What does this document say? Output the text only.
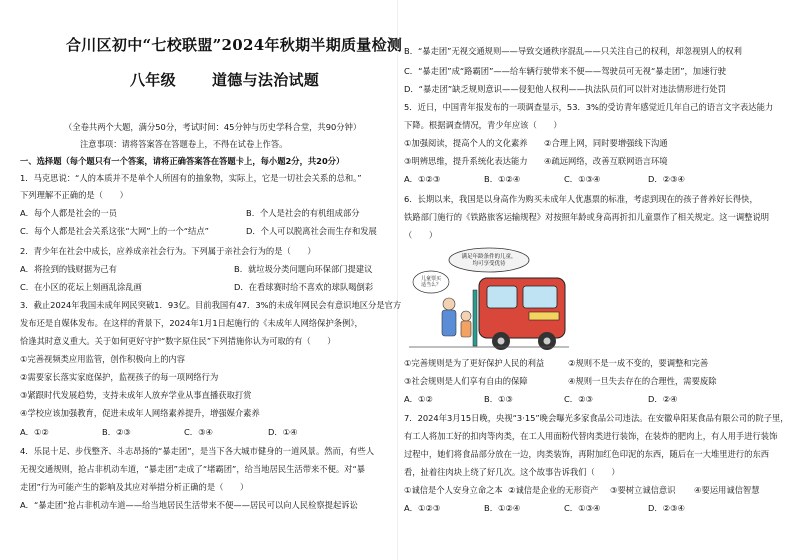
合川区初中“七校联盟”2024年秋期半期质量检测
八年级 道德与法治试题
（全卷共两个大题，满分50分，考试时间：45分钟与历史学科合堂，共90分钟）
注意事项：请将答案答在答题卷上，不得在试卷上作答。
一、选择题（每个题只有一个答案，请将正确答案答在答题卡上，每小题2分，共20分）
1．马克思说：“人的本质并不是单个人所固有的抽象物，实际上，它是一切社会关系的总和。”
下列理解不正确的是（　　）
A．每个人都是社会的一员	B．个人是社会的有机组成部分
C．每个人都是社会关系这张“大网”上的一个“结点”	D．个人可以脱离社会而生存和发展
2．青少年在社会中成长，应养成亲社会行为。下列属于亲社会行为的是（　　）
A．将捡到的钱财据为己有	B．就垃圾分类问题向环保部门提建议
C．在小区的花坛上刻画乱涂乱画	D．在看球赛时给不喜欢的球队喝倒彩
3．截止2024年我国未成年网民突破1．93亿。目前我国有47．3%的未成年网民会有意识地区分是官方
发布还是自媒体发布。在这样的背景下，2024年1月1日起施行的《未成年人网络保护条例》，
恰逢其时意义重大。关于如何更好守护“数字原住民”下列措施你认为可取的有（　　）
①完善视频类应用监管，创作积极向上的内容
②需要家长落实家庭保护，监视孩子的每一项网络行为
③紧跟时代发展趋势，支持未成年人放弃学业从事直播获取打赏
④学校应该加强教育，促进未成年人网络素养提升，增强媒介素养
A．①②	B．②③	C．③④	D．①④
4．乐昆十足、步伐整齐、斗志昂扬的“暴走团”，是当下各大城市健身的一道风景。然而，有些人
无视交通规则，抢占非机动车道，“暴走团”走成了“堵霸团”，给当地居民生活带来不便。对“暴
走团”行为可能产生的影响及其应对举措分析正确的是（　　）
A．“暴走团”抢占非机动车道——给当地居民生活带来不便——居民可以向人民检察提起诉讼
B．“暴走团”无视交通规则——导致交通秩序混乱——只关注自己的权利，却忽视别人的权利
C．“暴走团”成“路霸团”——给车辆行驶带来不便——驾驶员可无视“暴走团”，加速行驶
D．“暴走团”缺乏规则意识——侵犯他人权利——执法队员们可以针对违法情形进行处罚
5．近日，中国青年报发布的一项调查显示，53．3%的受访青年感觉近几年自己的语言文字表达能力
下降。根据调查情况，青少年应该（　　）
①加强阅读，提高个人的文化素养 ②合理上网，同时要增强线下沟通
③明辨思维，提升系统化表达能力 ④疏远网络，改善互联网语言环境
A．①②③	B．①②④	C．①③④	D．②③④
6．长期以来，我国是以身高作为购买未成年人优惠票的标准，考虑到现在的孩子普养好长得快，
铁路部门施行的《铁路旅客运输规程》对按照年龄或身高再折扣儿童票作了相关规定。这一调整说明
（　　）
满足年龄条件的儿童，
均可享受优待
儿童票买
适当么？
①完善规则是为了更好保护人民的利益	②规则不是一成不变的，要调整和完善
③社会规则是人们享有自由的保障	④规则一旦失去存在的合理性，需要废除
A．①②	B．①③	C．②③	D．②④
7．2024年3月15日晚，央视“3·15”晚会曝光多家食品公司违法。在安徽阜阳某食品有限公司的院子里，
有工人将加工好的扣肉等肉类，在工人用面粉代替肉类进行装饰，在装炸的肥肉上，有人用手进行装饰
过程中，她们将食品部分放在一边，肉类装饰，再附加红色印泥的东西，随后在一大堆里进行的东西
看，扯着往肉块上绕了好几次。这个故事告诉我们（　　）
①诚信是个人安身立命之本 ②诚信是企业的无形资产 ③要树立诚信意识 ④要运用诚信智慧
A．①②③	B．①②④	C．①③④	D．②③④
